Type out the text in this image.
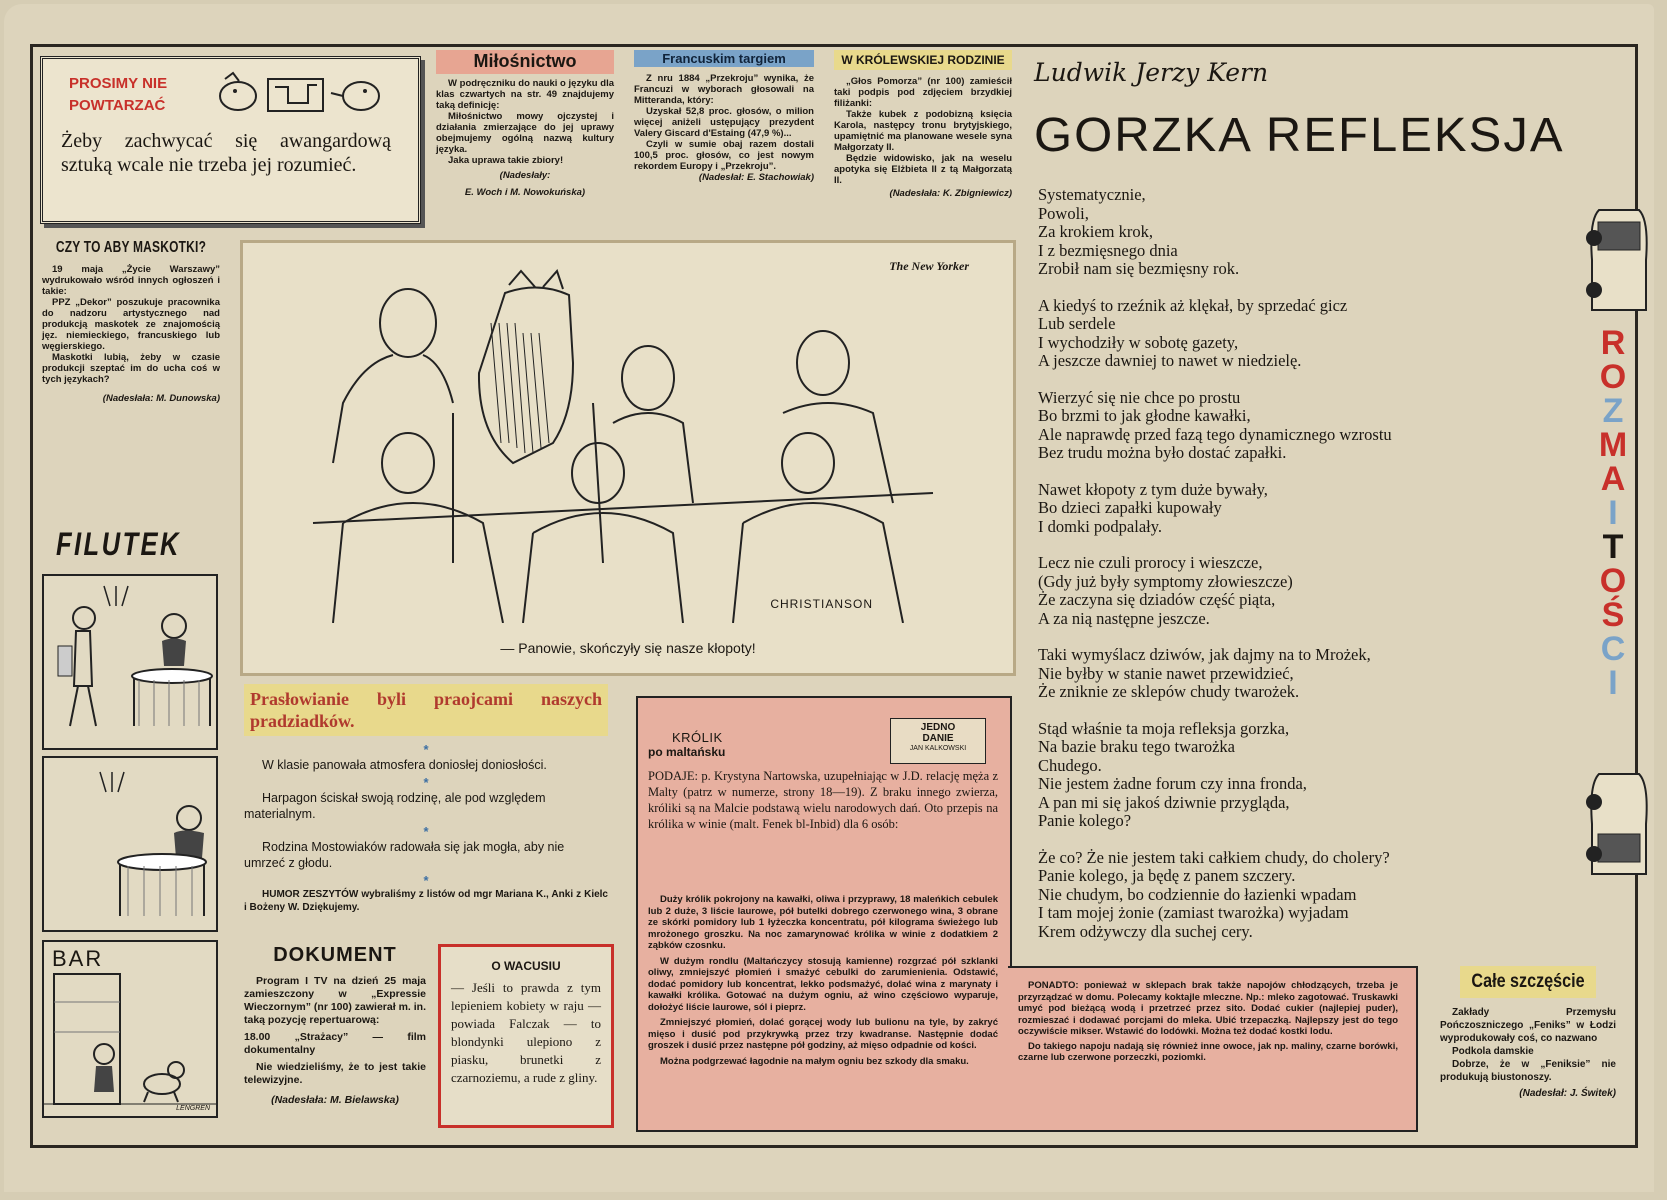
PROSIMY NIE
POWTARZAĆ
Żeby zachwycać się awangardową sztuką wcale nie trzeba jej rozumieć.
CZY TO ABY MASKOTKI?
19 maja „Życie Warszawy” wydrukowało wśród innych ogłoszeń i takie:
PPZ „Dekor” poszukuje pracownika do nadzoru artystycznego nad produkcją maskotek ze znajomością jęz. niemieckiego, francuskiego lub węgierskiego.
Maskotki lubią, żeby w czasie produkcji szeptać im do ucha coś w tych językach?
(Nadesłała: M. Dunowska)
FILUTEK
BAR
LENGREN
Miłośnictwo
W podręczniku do nauki o języku dla klas czwartych na str. 49 znajdujemy taką definicję:
Miłośnictwo mowy ojczystej i działania zmierzające do jej uprawy obejmujemy ogólną nazwą kultury języka.
Jaka uprawa takie zbiory!
(Nadesłały:
E. Woch i M. Nowokuńska)
Francuskim targiem
Z nru 1884 „Przekroju” wynika, że Francuzi w wyborach głosowali na Mitteranda, który:
Uzyskał 52,8 proc. głosów, o milion więcej aniżeli ustępujący prezydent Valery Giscard d'Estaing (47,9 %)...
Czyli w sumie obaj razem dostali 100,5 proc. głosów, co jest nowym rekordem Europy i „Przekroju”.
(Nadesłał: E. Stachowiak)
W KRÓLEWSKIEJ RODZINIE
„Głos Pomorza” (nr 100) zamieścił taki podpis pod zdjęciem brzydkiej filiżanki:
Także kubek z podobizną księcia Karola, następcy tronu brytyjskiego, upamiętnić ma planowane wesele syna Małgorzaty II.
Będzie widowisko, jak na weselu apotyka się Elżbieta II z tą Małgorzatą II.
(Nadesłała: K. Zbigniewicz)
The New Yorker
CHRISTIANSON
— Panowie, skończyły się nasze kłopoty!
Prasłowianie byli praojcami naszych pradziadków.
*
W klasie panowała atmosfera doniosłej doniosłości.
*
Harpagon ściskał swoją rodzinę, ale pod względem materialnym.
*
Rodzina Mostowiaków radowała się jak mogła, aby nie umrzeć z głodu.
*
HUMOR ZESZYTÓW wybraliśmy z listów od mgr Mariana K., Anki z Kielc i Bożeny W. Dziękujemy.
DOKUMENT
Program I TV na dzień 25 maja zamieszczony w „Expressie Wieczornym” (nr 100) zawierał m. in. taką pozycję repertuarową:
18.00 „Strażacy” — film dokumentalny
Nie wiedzieliśmy, że to jest takie telewizyjne.
(Nadesłała: M. Bielawska)
O WACUSIU
— Jeśli to prawda z tym lepieniem kobiety w raju — powiada Falczak — to blondynki ulepiono z piasku, brunetki z czarnoziemu, a rude z gliny.
KRÓLIK
po maltańsku
JEDNO
DANIE
JAN KALKOWSKI
PODAJE: p. Krystyna Nartowska, uzupełniając w J.D. relację męża z Malty (patrz w numerze, strony 18—19). Z braku innego zwierza, króliki są na Malcie podstawą wielu narodowych dań. Oto przepis na królika w winie (malt. Fenek bl-Inbid) dla 6 osób:
Duży królik pokrojony na kawałki, oliwa i przyprawy, 18 maleńkich cebulek lub 2 duże, 3 liście laurowe, pół butelki dobrego czerwonego wina, 3 obrane ze skórki pomidory lub 1 łyżeczka koncentratu, pół kilograma świeżego lub mrożonego groszku. Na noc zamarynować królika w winie z dodatkiem 2 ząbków czosnku.
W dużym rondlu (Maltańczycy stosują kamienne) rozgrzać pół szklanki oliwy, zmniejszyć płomień i smażyć cebulki do zarumienienia. Odstawić, dodać pomidory lub koncentrat, lekko podsmażyć, dolać wina z marynaty i kawałki królika. Gotować na dużym ogniu, aż wino częściowo wyparuje, dołożyć liście laurowe, sól i pieprz.
Zmniejszyć płomień, dolać gorącej wody lub bulionu na tyle, by zakryć mięso i dusić pod przykrywką przez trzy kwadranse. Następnie dodać groszek i dusić przez następne pół godziny, aż mięso odpadnie od kości.
Można podgrzewać łagodnie na małym ogniu bez szkody dla smaku.
PONADTO: ponieważ w sklepach brak także napojów chłodzących, trzeba je przyrządzać w domu. Polecamy koktajle mleczne. Np.: mleko zagotować. Truskawki umyć pod bieżącą wodą i przetrzeć przez sito. Dodać cukier (najlepiej puder), rozmieszać i dodawać porcjami do mleka. Ubić trzepaczką. Najlepszy jest do tego oczywiście mikser. Wstawić do lodówki. Można też dodać kostki lodu.
Do takiego napoju nadają się również inne owoce, jak np. maliny, czarne borówki, czarne lub czerwone porzeczki, poziomki.
Ludwik Jerzy Kern
GORZKA REFLEKSJA

Systematycznie,
Powoli,
Za krokiem krok,
I z bezmięsnego dnia
Zrobił nam się bezmięsny rok.

A kiedyś to rzeźnik aż klękał, by sprzedać gicz
Lub serdele
I wychodziły w sobotę gazety,
A jeszcze dawniej to nawet w niedzielę.

Wierzyć się nie chce po prostu
Bo brzmi to jak głodne kawałki,
Ale naprawdę przed fazą tego dynamicznego wzrostu
Bez trudu można było dostać zapałki.

Nawet kłopoty z tym duże bywały,
Bo dzieci zapałki kupowały
I domki podpalały.

Lecz nie czuli prorocy i wieszcze,
(Gdy już były symptomy złowieszcze)
Że zaczyna się dziadów część piąta,
A za nią następne jeszcze.

Taki wymyślacz dziwów, jak dajmy na to Mrożek,
Nie byłby w stanie nawet przewidzieć,
Że zniknie ze sklepów chudy twarożek.

Stąd właśnie ta moja refleksja gorzka,
Na bazie braku tego twarożka
Chudego.
Nie jestem żadne forum czy inna fronda,
A pan mi się jakoś dziwnie przygląda,
Panie kolego?

Że co? Że nie jestem taki całkiem chudy, do cholery?
Panie kolego, ja będę z panem szczery.
Nie chudym, bo codziennie do łazienki wpadam
I tam mojej żonie (zamiast twarożka) wyjadam
Krem odżywczy dla suchej cery.

R
O
Z
M
A
I
T
O
Ś
C
I
Całe szczęście
Zakłady Przemysłu Pończoszniczego „Feniks” w Łodzi wyprodukowały coś, co nazwano
Podkola damskie
Dobrze, że w „Feniksie” nie produkują biustonoszy.
(Nadesłał: J. Świtek)
